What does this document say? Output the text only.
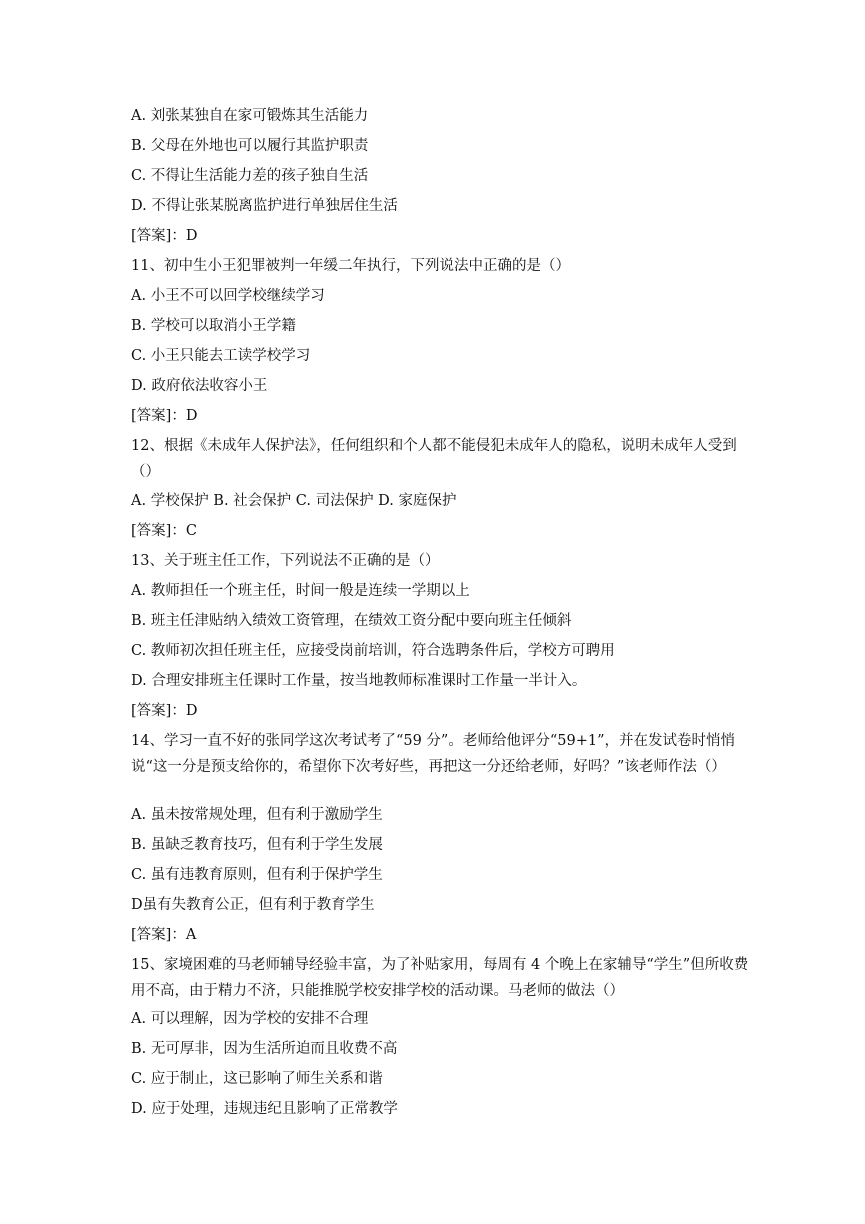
A. 刘张某独自在家可锻炼其生活能力
B. 父母在外地也可以履行其监护职责
C. 不得让生活能力差的孩子独自生活
D. 不得让张某脱离监护进行单独居住生活
[答案]：D
11、初中生小王犯罪被判一年缓二年执行，下列说法中正确的是（）
A. 小王不可以回学校继续学习
B. 学校可以取消小王学籍
C. 小王只能去工读学校学习
D. 政府依法收容小王
[答案]：D
12、根据《未成年人保护法》，任何组织和个人都不能侵犯未成年人的隐私，说明未成年人受到（）
A. 学校保护 B. 社会保护 C. 司法保护 D. 家庭保护
[答案]：C
13、关于班主任工作，下列说法不正确的是（）
A. 教师担任一个班主任，时间一般是连续一学期以上
B. 班主任津贴纳入绩效工资管理，在绩效工资分配中要向班主任倾斜
C. 教师初次担任班主任，应接受岗前培训，符合选聘条件后，学校方可聘用
D. 合理安排班主任课时工作量，按当地教师标准课时工作量一半计入。
[答案]：D
14、学习一直不好的张同学这次考试考了“59 分”。老师给他评分“59+1”，并在发试卷时悄悄说“这一分是预支给你的，希望你下次考好些，再把这一分还给老师，好吗？”该老师作法（）
A. 虽未按常规处理，但有利于激励学生
B. 虽缺乏教育技巧，但有利于学生发展
C. 虽有违教育原则，但有利于保护学生
D虽有失教育公正，但有利于教育学生
[答案]：A
15、家境困难的马老师辅导经验丰富，为了补贴家用，每周有 4 个晚上在家辅导“学生”但所收费用不高，由于精力不济，只能推脱学校安排学校的活动课。马老师的做法（）
A. 可以理解，因为学校的安排不合理
B. 无可厚非，因为生活所迫而且收费不高
C. 应于制止，这已影响了师生关系和谐
D. 应于处理，违规违纪且影响了正常教学
